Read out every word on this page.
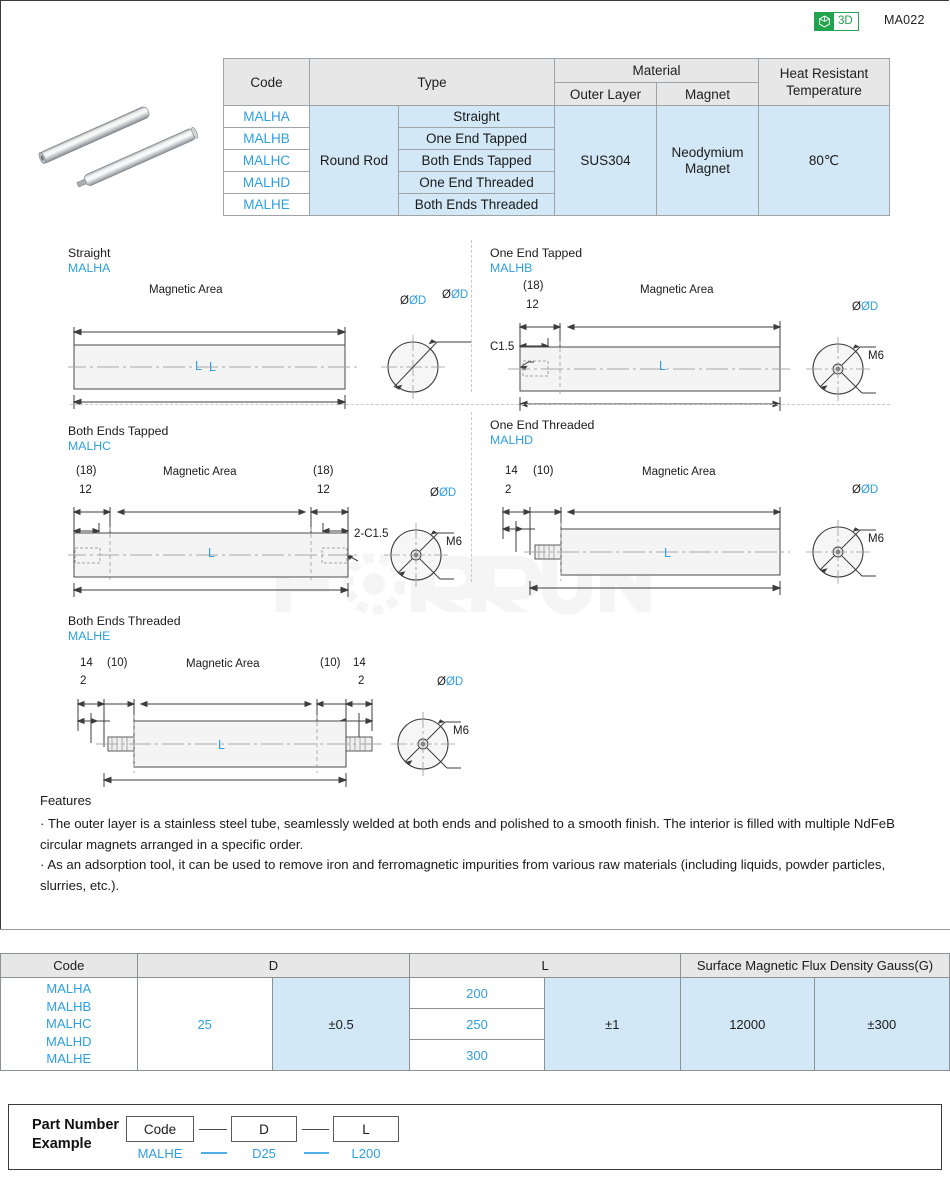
3D	MA022
Code	Type		Material		Heat Resistant Temperature
			Outer Layer	Magnet	
MALHA	Round Rod	Straight	SUS304	Neodymium Magnet	80℃
MALHB		One End Tapped			
MALHC		Both Ends Tapped			
MALHD		One End Threaded			
MALHE		Both Ends Threaded			
Straight
MALHA
Magnetic Area
L L
ØØD ØØD
One End Tapped
MALHB
(18)
12
C1.5
Magnetic Area
L
ØØD
M6
Both Ends Tapped
MALHC
(18)
12
(18)
12
Magnetic Area
2-C1.5
L
ØØD
M6
One End Threaded
MALHD
14 (10)
2
Magnetic Area
L
ØØD
M6
Both Ends Threaded
MALHE
14 (10)
2
(10) 14
2
Magnetic Area
L
ØØD
M6
Features

· The outer layer is a stainless steel tube, seamlessly welded at both ends and polished to a smooth finish. The interior is filled with multiple NdFeB circular magnets arranged in a specific order.

· As an adsorption tool, it can be used to remove iron and ferromagnetic impurities from various raw materials (including liquids, powder particles, slurries, etc.).

Code	D		L		Surface Magnetic Flux Density Gauss(G)	

MALHA
MALHB
MALHC
MALHD
MALHE	25	±0.5	200	±1	12000	±300
			250			
			300			
Part Number
Example
Code	D	L
MALHE	D25	L200
